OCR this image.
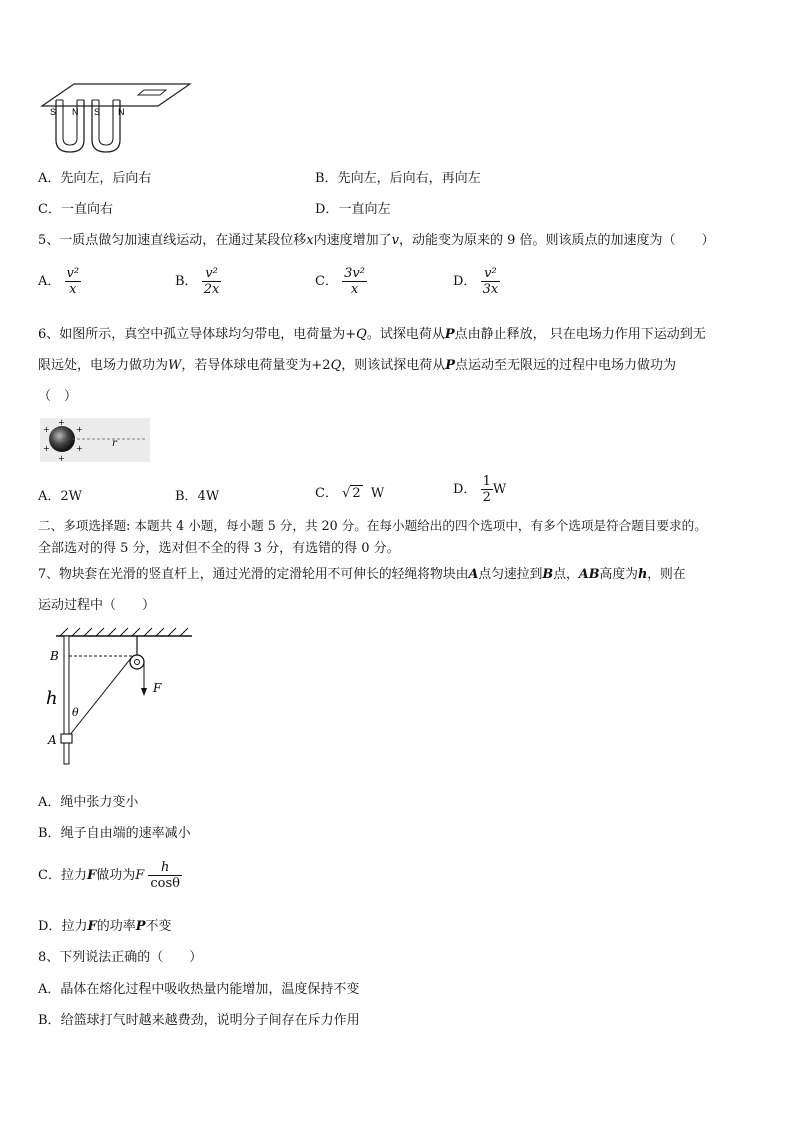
S N S N
A．先向左，后向右	B．先向左，后向右，再向左
C．一直向右	D．一直向左
5、一质点做匀加速直线运动，在通过某段位移x内速度增加了v，动能变为原来的 9 倍。则该质点的加速度为（　　）
A． $\frac{\text{v²}}{x}$	B． $\frac{\text{v²}}{2x}$	C． $\frac{\text{3v²}}{x}$	D． $\frac{\text{v²}}{3x}$
6、如图所示，真空中孤立导体球均匀带电，电荷量为+Q。试探电荷从P点由静止释放， 只在电场力作用下运动到无
限远处，电场力做功为W，若导体球电荷量变为+2Q，则该试探电荷从P点运动至无限远的过程中电场力做功为
（　）
+
+
+
+
+
+	r
A．2W	B．4W	C． √ 2 W	D． $\frac{1}{2}$ W
二、多项选择题: 本题共 4 小题，每小题 5 分，共 20 分。在每小题给出的四个选项中，有多个选项是符合题目要求的。
全部选对的得 5 分，选对但不全的得 3 分，有选错的得 0 分。
7、物块套在光滑的竖直杆上，通过光滑的定滑轮用不可伸长的轻绳将物块由A点匀速拉到B点，AB高度为h，则在
运动过程中（　　）
B
h
θ
A
F
A．绳中张力变小
B．绳子自由端的速率减小
C．拉力F做功为F $\frac{h}{\cos\theta}$
D．拉力F的功率P不变
8、下列说法正确的（　　）
A．晶体在熔化过程中吸收热量内能增加，温度保持不变
B．给篮球打气时越来越费劲，说明分子间存在斥力作用
